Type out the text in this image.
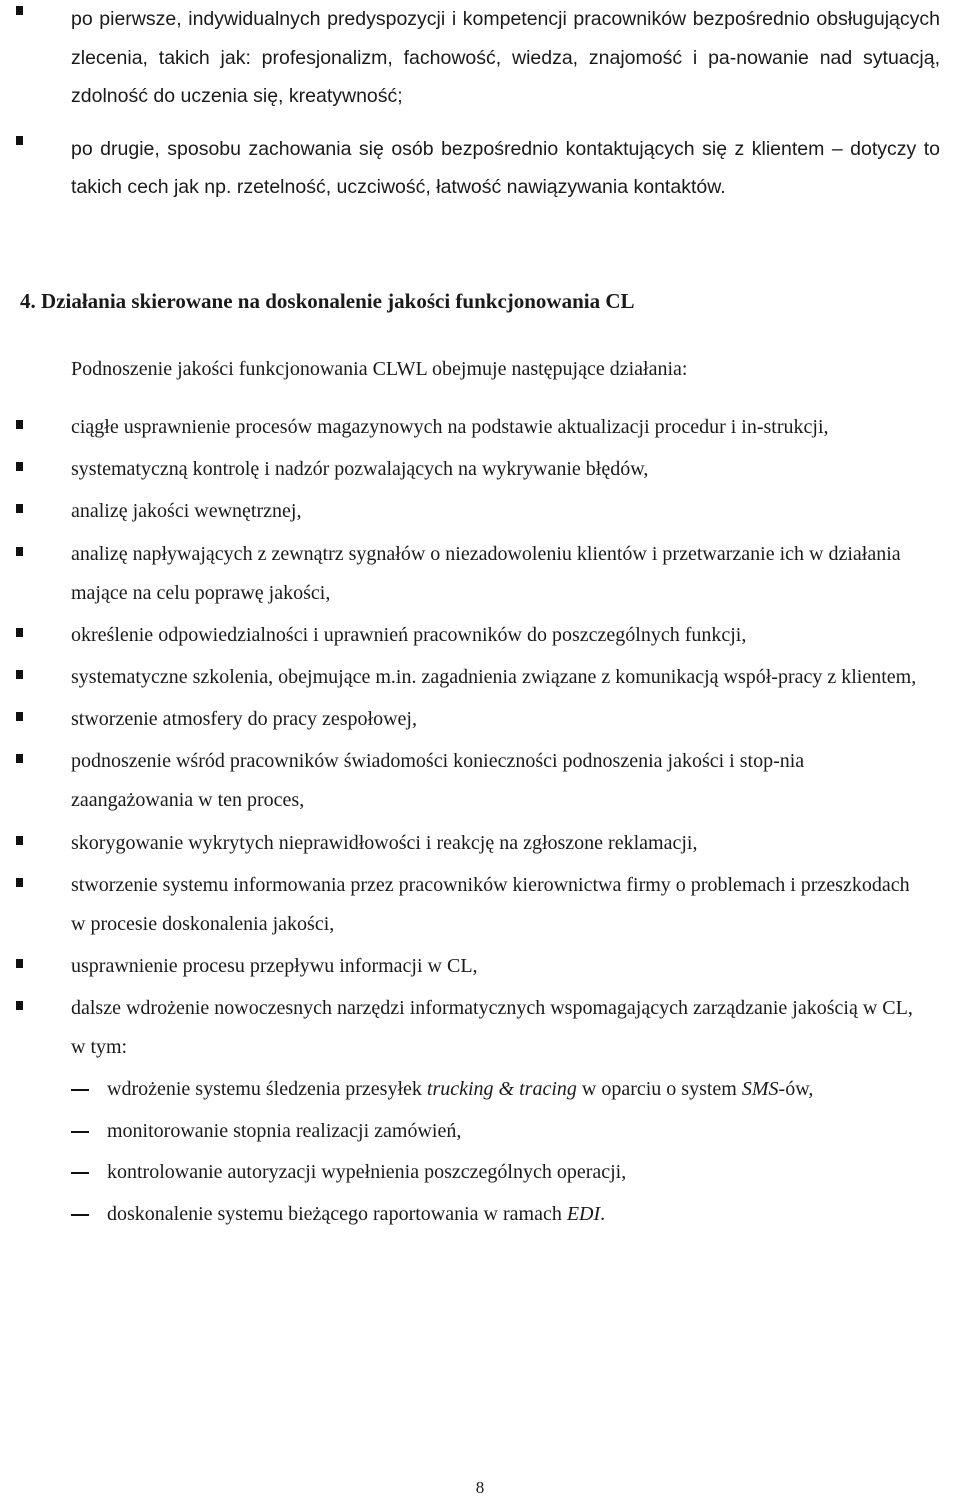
po pierwsze, indywidualnych predyspozycji i kompetencji pracowników bezpośrednio obsługujących zlecenia, takich jak: profesjonalizm, fachowość, wiedza, znajomość i pa-nowanie nad sytuacją, zdolność do uczenia się, kreatywność;
po drugie, sposobu zachowania się osób bezpośrednio kontaktujących się z klientem – dotyczy to takich cech jak np. rzetelność, uczciwość, łatwość nawiązywania kontaktów.
4. Działania skierowane na doskonalenie jakości funkcjonowania CL
Podnoszenie jakości funkcjonowania CLWL obejmuje następujące działania:
ciągłe usprawnienie procesów magazynowych na podstawie aktualizacji procedur i in-strukcji,
systematyczną kontrolę i nadzór pozwalających na wykrywanie błędów,
analizę jakości wewnętrznej,
analizę napływających z zewnątrz sygnałów o niezadowoleniu klientów i przetwarzanie ich w działania mające na celu poprawę jakości,
określenie odpowiedzialności i uprawnień pracowników do poszczególnych funkcji,
systematyczne szkolenia, obejmujące m.in. zagadnienia związane z komunikacją współ-pracy z klientem,
stworzenie atmosfery do pracy zespołowej,
podnoszenie wśród pracowników świadomości konieczności podnoszenia jakości i stop-nia zaangażowania w ten proces,
skorygowanie wykrytych nieprawidłowości i reakcję na zgłoszone reklamacji,
stworzenie systemu informowania przez pracowników kierownictwa firmy o problemach i przeszkodach w procesie doskonalenia jakości,
usprawnienie procesu przepływu informacji w CL,
dalsze wdrożenie nowoczesnych narzędzi informatycznych wspomagających zarządzanie jakością w CL, w tym:
wdrożenie systemu śledzenia przesyłek trucking & tracing w oparciu o system SMS-ów,
monitorowanie stopnia realizacji zamówień,
kontrolowanie autoryzacji wypełnienia poszczególnych operacji,
doskonalenie systemu bieżącego raportowania w ramach EDI.
8
